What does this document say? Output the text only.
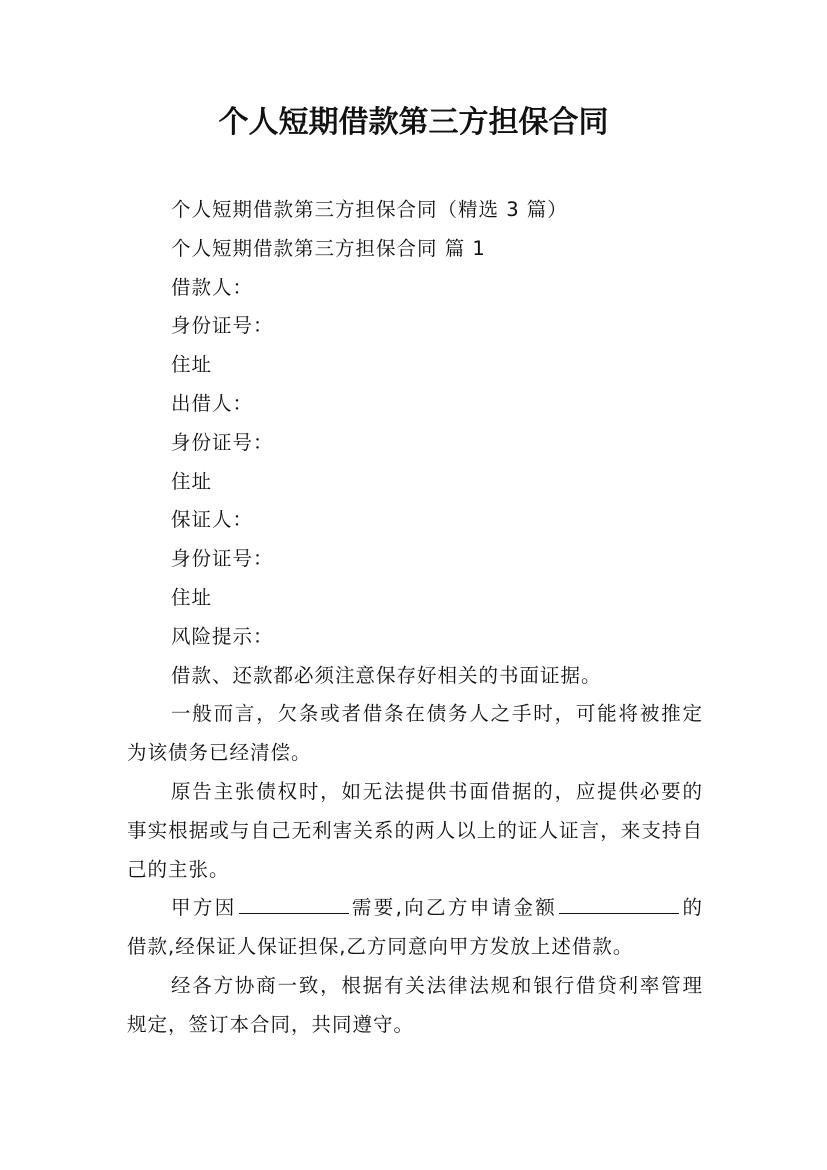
个人短期借款第三方担保合同

个人短期借款第三方担保合同（精选 3 篇）

个人短期借款第三方担保合同 篇 1

借款人：

身份证号：

住址

出借人：

身份证号：

住址

保证人：

身份证号：

住址

风险提示：

借款、还款都必须注意保存好相关的书面证据。

一般而言，欠条或者借条在债务人之手时，可能将被推定为该债务已经清偿。

原告主张债权时，如无法提供书面借据的，应提供必要的事实根据或与自己无利害关系的两人以上的证人证言，来支持自己的主张。

甲方因	需要,向乙方申请金额	的借款,经保证人保证担保,乙方同意向甲方发放上述借款。

经各方协商一致，根据有关法律法规和银行借贷利率管理规定，签订本合同，共同遵守。
